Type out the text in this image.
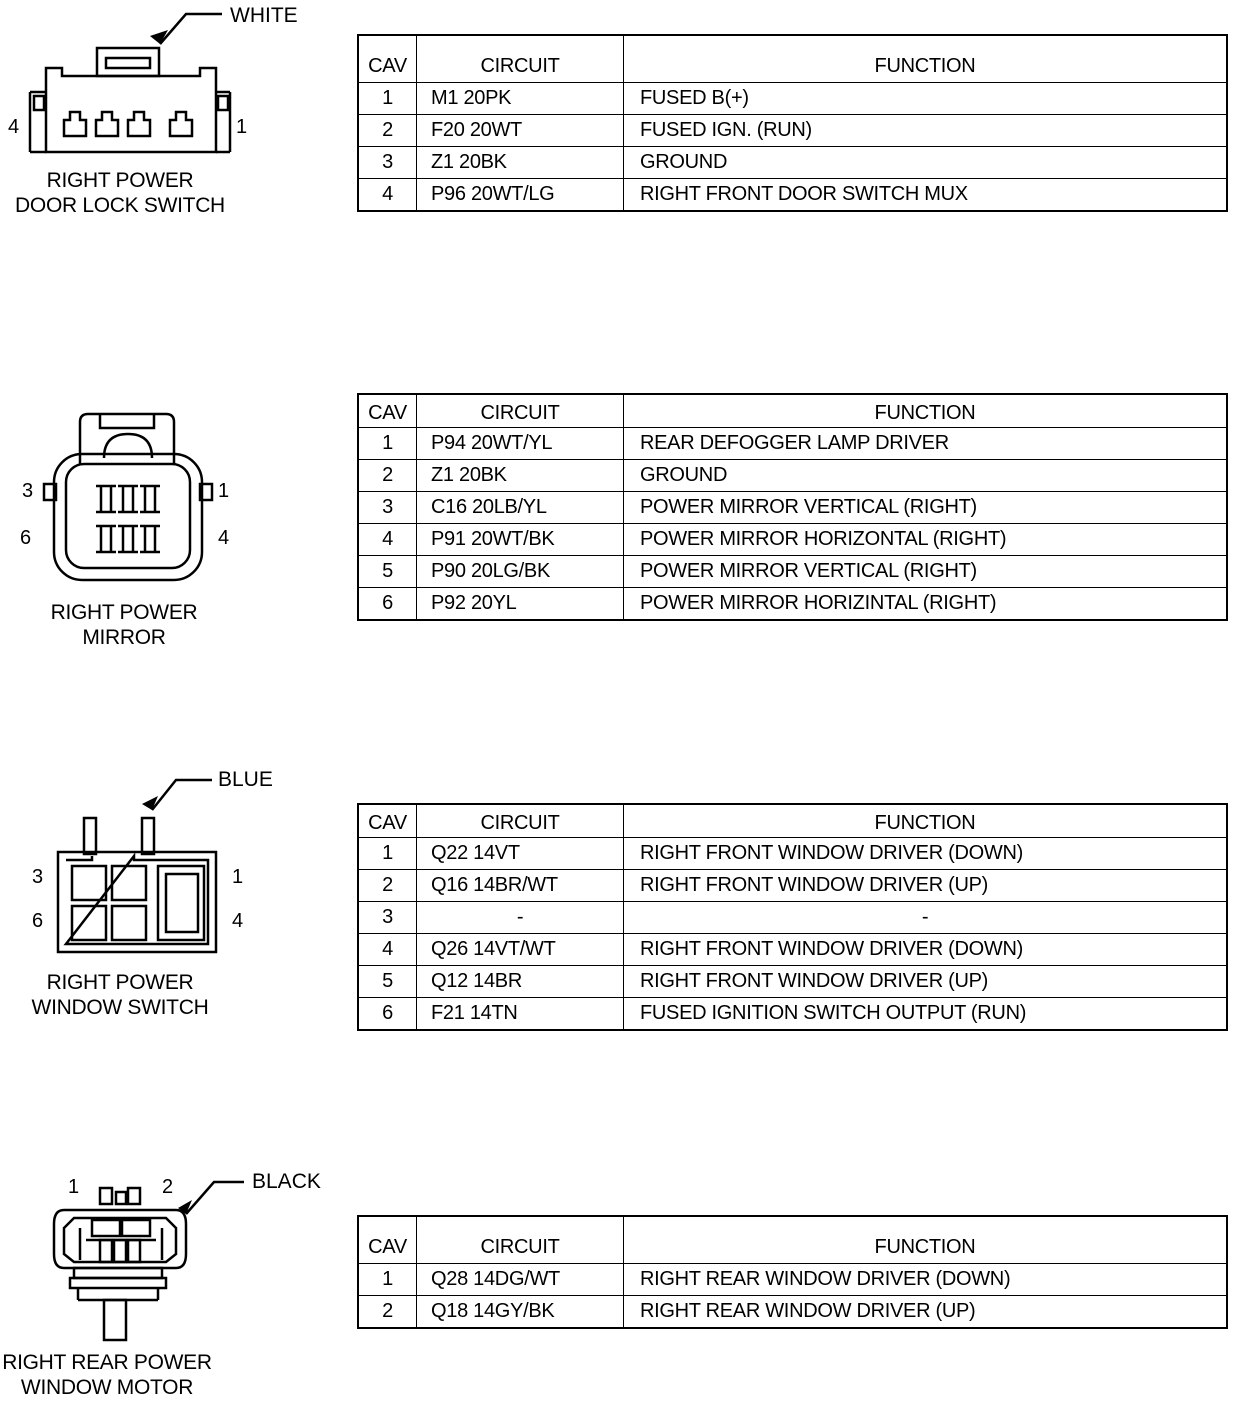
WHITE
4	1
RIGHT POWER
DOOR LOCK SWITCH
CAV	CIRCUIT	FUNCTION
1	M1 20PK	FUSED B(+)
2	F20 20WT	FUSED IGN. (RUN)
3	Z1 20BK	GROUND
4	P96 20WT/LG	RIGHT FRONT DOOR SWITCH MUX
3	1
6	4
RIGHT POWER
MIRROR
CAV	CIRCUIT	FUNCTION
1	P94 20WT/YL	REAR DEFOGGER LAMP DRIVER
2	Z1 20BK	GROUND
3	C16 20LB/YL	POWER MIRROR VERTICAL (RIGHT)
4	P91 20WT/BK	POWER MIRROR HORIZONTAL (RIGHT)
5	P90 20LG/BK	POWER MIRROR VERTICAL (RIGHT)
6	P92 20YL	POWER MIRROR HORIZINTAL (RIGHT)
BLUE
3	1
6	4
RIGHT POWER
WINDOW SWITCH
CAV	CIRCUIT	FUNCTION
1	Q22 14VT	RIGHT FRONT WINDOW DRIVER (DOWN)
2	Q16 14BR/WT	RIGHT FRONT WINDOW DRIVER (UP)
3	-	-
4	Q26 14VT/WT	RIGHT FRONT WINDOW DRIVER (DOWN)
5	Q12 14BR	RIGHT FRONT WINDOW DRIVER (UP)
6	F21 14TN	FUSED IGNITION SWITCH OUTPUT (RUN)
BLACK
1	2
RIGHT REAR POWER
WINDOW MOTOR
CAV	CIRCUIT	FUNCTION
1	Q28 14DG/WT	RIGHT REAR WINDOW DRIVER (DOWN)
2	Q18 14GY/BK	RIGHT REAR WINDOW DRIVER (UP)
